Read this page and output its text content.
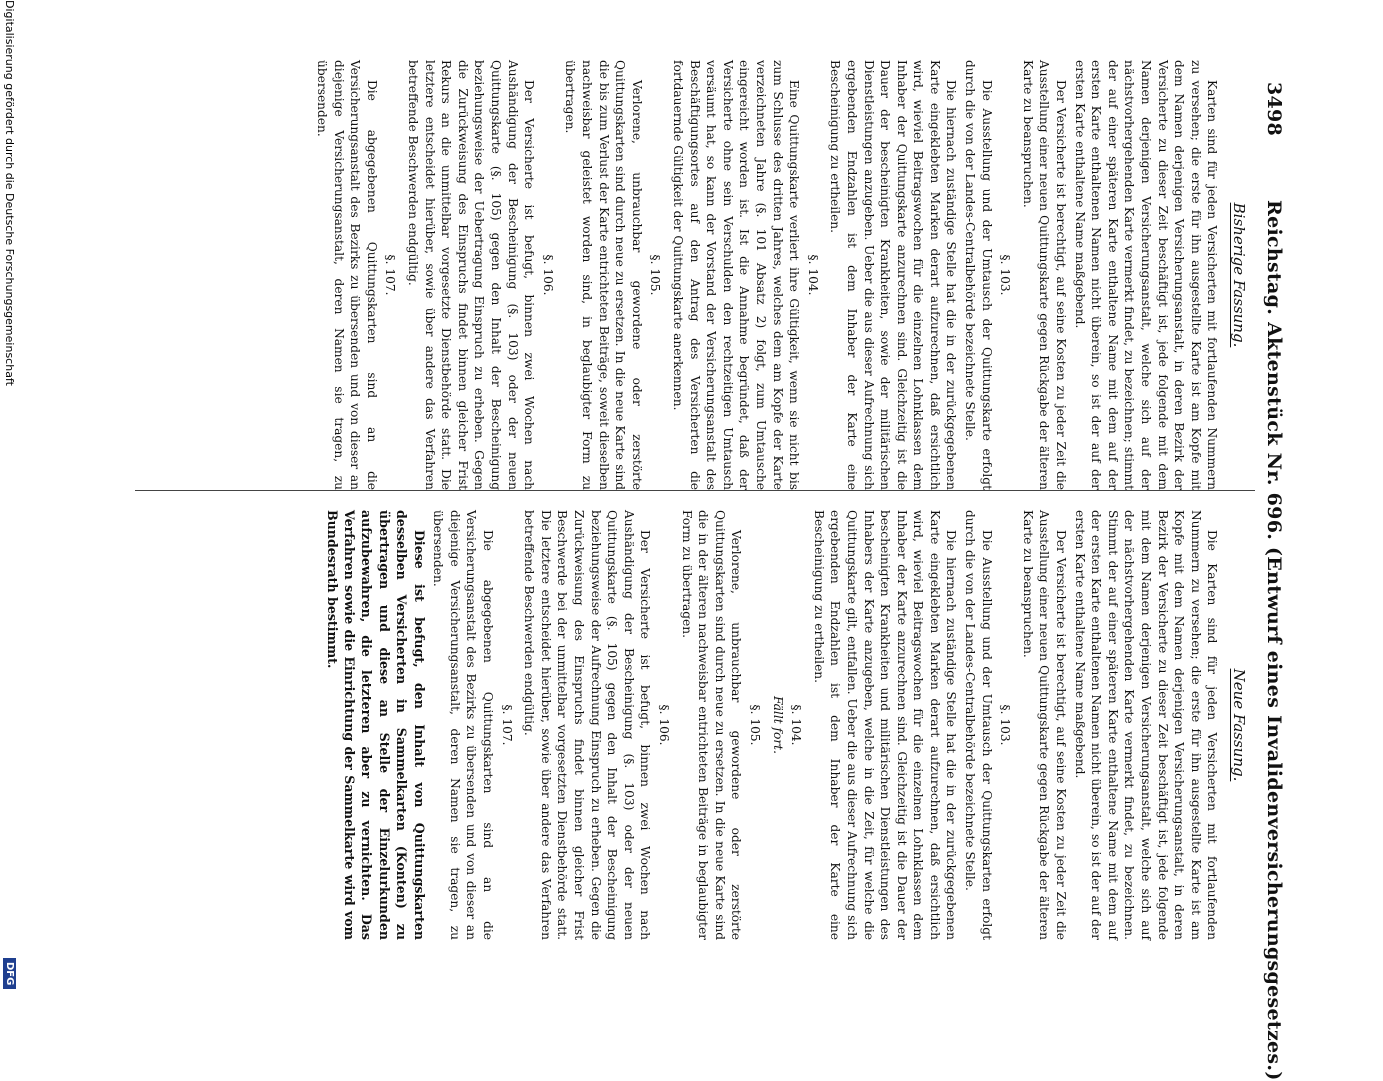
3498
Reichstag. Aktenstück Nr. 696. (Entwurf eines Invalidenversicherungsgesetzes.)
Bisherige Fassung.

Karten sind für jeden Versicherten mit fortlaufenden Nummern zu versehen; die erste für ihn ausgestellte Karte ist am Kopfe mit dem Namen derjenigen Versicherungsanstalt, in deren Bezirk der Versicherte zu dieser Zeit beschäftigt ist, jede folgende mit dem Namen derjenigen Versicherungsanstalt, welche sich auf der nächstvorhergehenden Karte vermerkt findet, zu bezeichnen; stimmt der auf einer späteren Karte enthaltene Name mit dem auf der ersten Karte enthaltenen Namen nicht überein, so ist der auf der ersten Karte enthaltene Name maßgebend.

Der Versicherte ist berechtigt, auf seine Kosten zu jeder Zeit die Ausstellung einer neuen Quittungskarte gegen Rückgabe der älteren Karte zu beanspruchen.

§. 103.

Die Ausstellung und der Umtausch der Quittungskarte erfolgt durch die von der Landes-Centralbehörde bezeichnete Stelle.

Die hiernach zuständige Stelle hat die in der zurückgegebenen Karte eingeklebten Marken derart aufzurechnen, daß ersichtlich wird, wieviel Beitragswochen für die einzelnen Lohnklassen dem Inhaber der Quittungskarte anzurechnen sind. Gleichzeitig ist die Dauer der bescheinigten Krankheiten, sowie der militärischen Dienstleistungen anzugeben. Ueber die aus dieser Aufrechnung sich ergebenden Endzahlen ist dem Inhaber der Karte eine Bescheinigung zu ertheilen.

§. 104.

Eine Quittungskarte verliert ihre Gültigkeit, wenn sie nicht bis zum Schlusse des dritten Jahres, welches dem am Kopfe der Karte verzeichneten Jahre (§. 101 Absatz 2) folgt, zum Umtausche eingereicht worden ist. Ist die Annahme begründet, daß der Versicherte ohne sein Verschulden den rechtzeitigen Umtausch versäumt hat, so kann der Vorstand der Versicherungsanstalt des Beschäftigungsortes auf den Antrag des Versicherten die fortdauernde Gültigkeit der Quittungskarte anerkennen.

§. 105.

Verlorene, unbrauchbar gewordene oder zerstörte Quittungskarten sind durch neue zu ersetzen. In die neue Karte sind die bis zum Verlust der Karte entrichteten Beiträge, soweit dieselben nachweisbar geleistet worden sind, in beglaubigter Form zu übertragen.

§. 106.

Der Versicherte ist befugt, binnen zwei Wochen nach Aushändigung der Bescheinigung (§. 103) oder der neuen Quittungskarte (§. 105) gegen den Inhalt der Bescheinigung beziehungsweise der Uebertragung Einspruch zu erheben. Gegen die Zurückweisung des Einspruchs findet binnen gleicher Frist Rekurs an die unmittelbar vorgesetzte Dienstbehörde statt. Die letztere entscheidet hierüber, sowie über andere das Verfahren betreffende Beschwerden endgültig.

§. 107.

Die abgegebenen Quittungskarten sind an die Versicherungsanstalt des Bezirks zu übersenden und von dieser an diejenige Versicherungsanstalt, deren Namen sie tragen, zu übersenden.

Neue Fassung.

Die Karten sind für jeden Versicherten mit fortlaufenden Nummern zu versehen; die erste für ihn ausgestellte Karte ist am Kopfe mit dem Namen derjenigen Versicherungsanstalt, in deren Bezirk der Versicherte zu dieser Zeit beschäftigt ist, jede folgende mit dem Namen derjenigen Versicherungsanstalt, welche sich auf der nächstvorhergehenden Karte vermerkt findet, zu bezeichnen. Stimmt der auf einer späteren Karte enthaltene Name mit dem auf der ersten Karte enthaltenen Namen nicht überein, so ist der auf der ersten Karte enthaltene Name maßgebend.

Der Versicherte ist berechtigt, auf seine Kosten zu jeder Zeit die Ausstellung einer neuen Quittungskarte gegen Rückgabe der älteren Karte zu beanspruchen.

§. 103.

Die Ausstellung und der Umtausch der Quittungskarten erfolgt durch die von der Landes-Centralbehörde bezeichnete Stelle.

Die hiernach zuständige Stelle hat die in der zurückgegebenen Karte eingeklebten Marken derart aufzurechnen, daß ersichtlich wird, wieviel Beitragswochen für die einzelnen Lohnklassen dem Inhaber der Karte anzurechnen sind. Gleichzeitig ist die Dauer der bescheinigten Krankheiten und militärischen Dienstleistungen des Inhabers der Karte anzugeben, welche in die Zeit, für welche die Quittungskarte gilt, entfallen. Ueber die aus dieser Aufrechnung sich ergebenden Endzahlen ist dem Inhaber der Karte eine Bescheinigung zu ertheilen.

§. 104.
Fällt fort.
§. 105.

Verlorene, unbrauchbar gewordene oder zerstörte Quittungskarten sind durch neue zu ersetzen. In die neue Karte sind die in der älteren nachweisbar entrichteten Beiträge in beglaubigter Form zu übertragen.

§. 106.

Der Versicherte ist befugt, binnen zwei Wochen nach Aushändigung der Bescheinigung (§. 103) oder der neuen Quittungskarte (§. 105) gegen den Inhalt der Bescheinigung beziehungsweise der Aufrechnung Einspruch zu erheben. Gegen die Zurückweisung des Einspruchs findet binnen gleicher Frist Beschwerde bei der unmittelbar vorgesetzten Dienstbehörde statt. Die letztere entscheidet hierüber, sowie über andere das Verfahren betreffende Beschwerden endgültig.

§. 107.

Die abgegebenen Quittungskarten sind an die Versicherungsanstalt des Bezirks zu übersenden und von dieser an diejenige Versicherungsanstalt, deren Namen sie tragen, zu übersenden.

Diese ist befugt, den Inhalt von Quittungskarten desselben Versicherten in Sammelkarten (Konten) zu übertragen und diese an Stelle der Einzelurkunden aufzubewahren, die letzteren aber zu vernichten. Das Verfahren sowie die Einrichtung der Sammelkarte wird vom Bundesrath bestimmt.

Digitalisierung gefördert durch die Deutsche Forschungsgemeinschaft
DFG
